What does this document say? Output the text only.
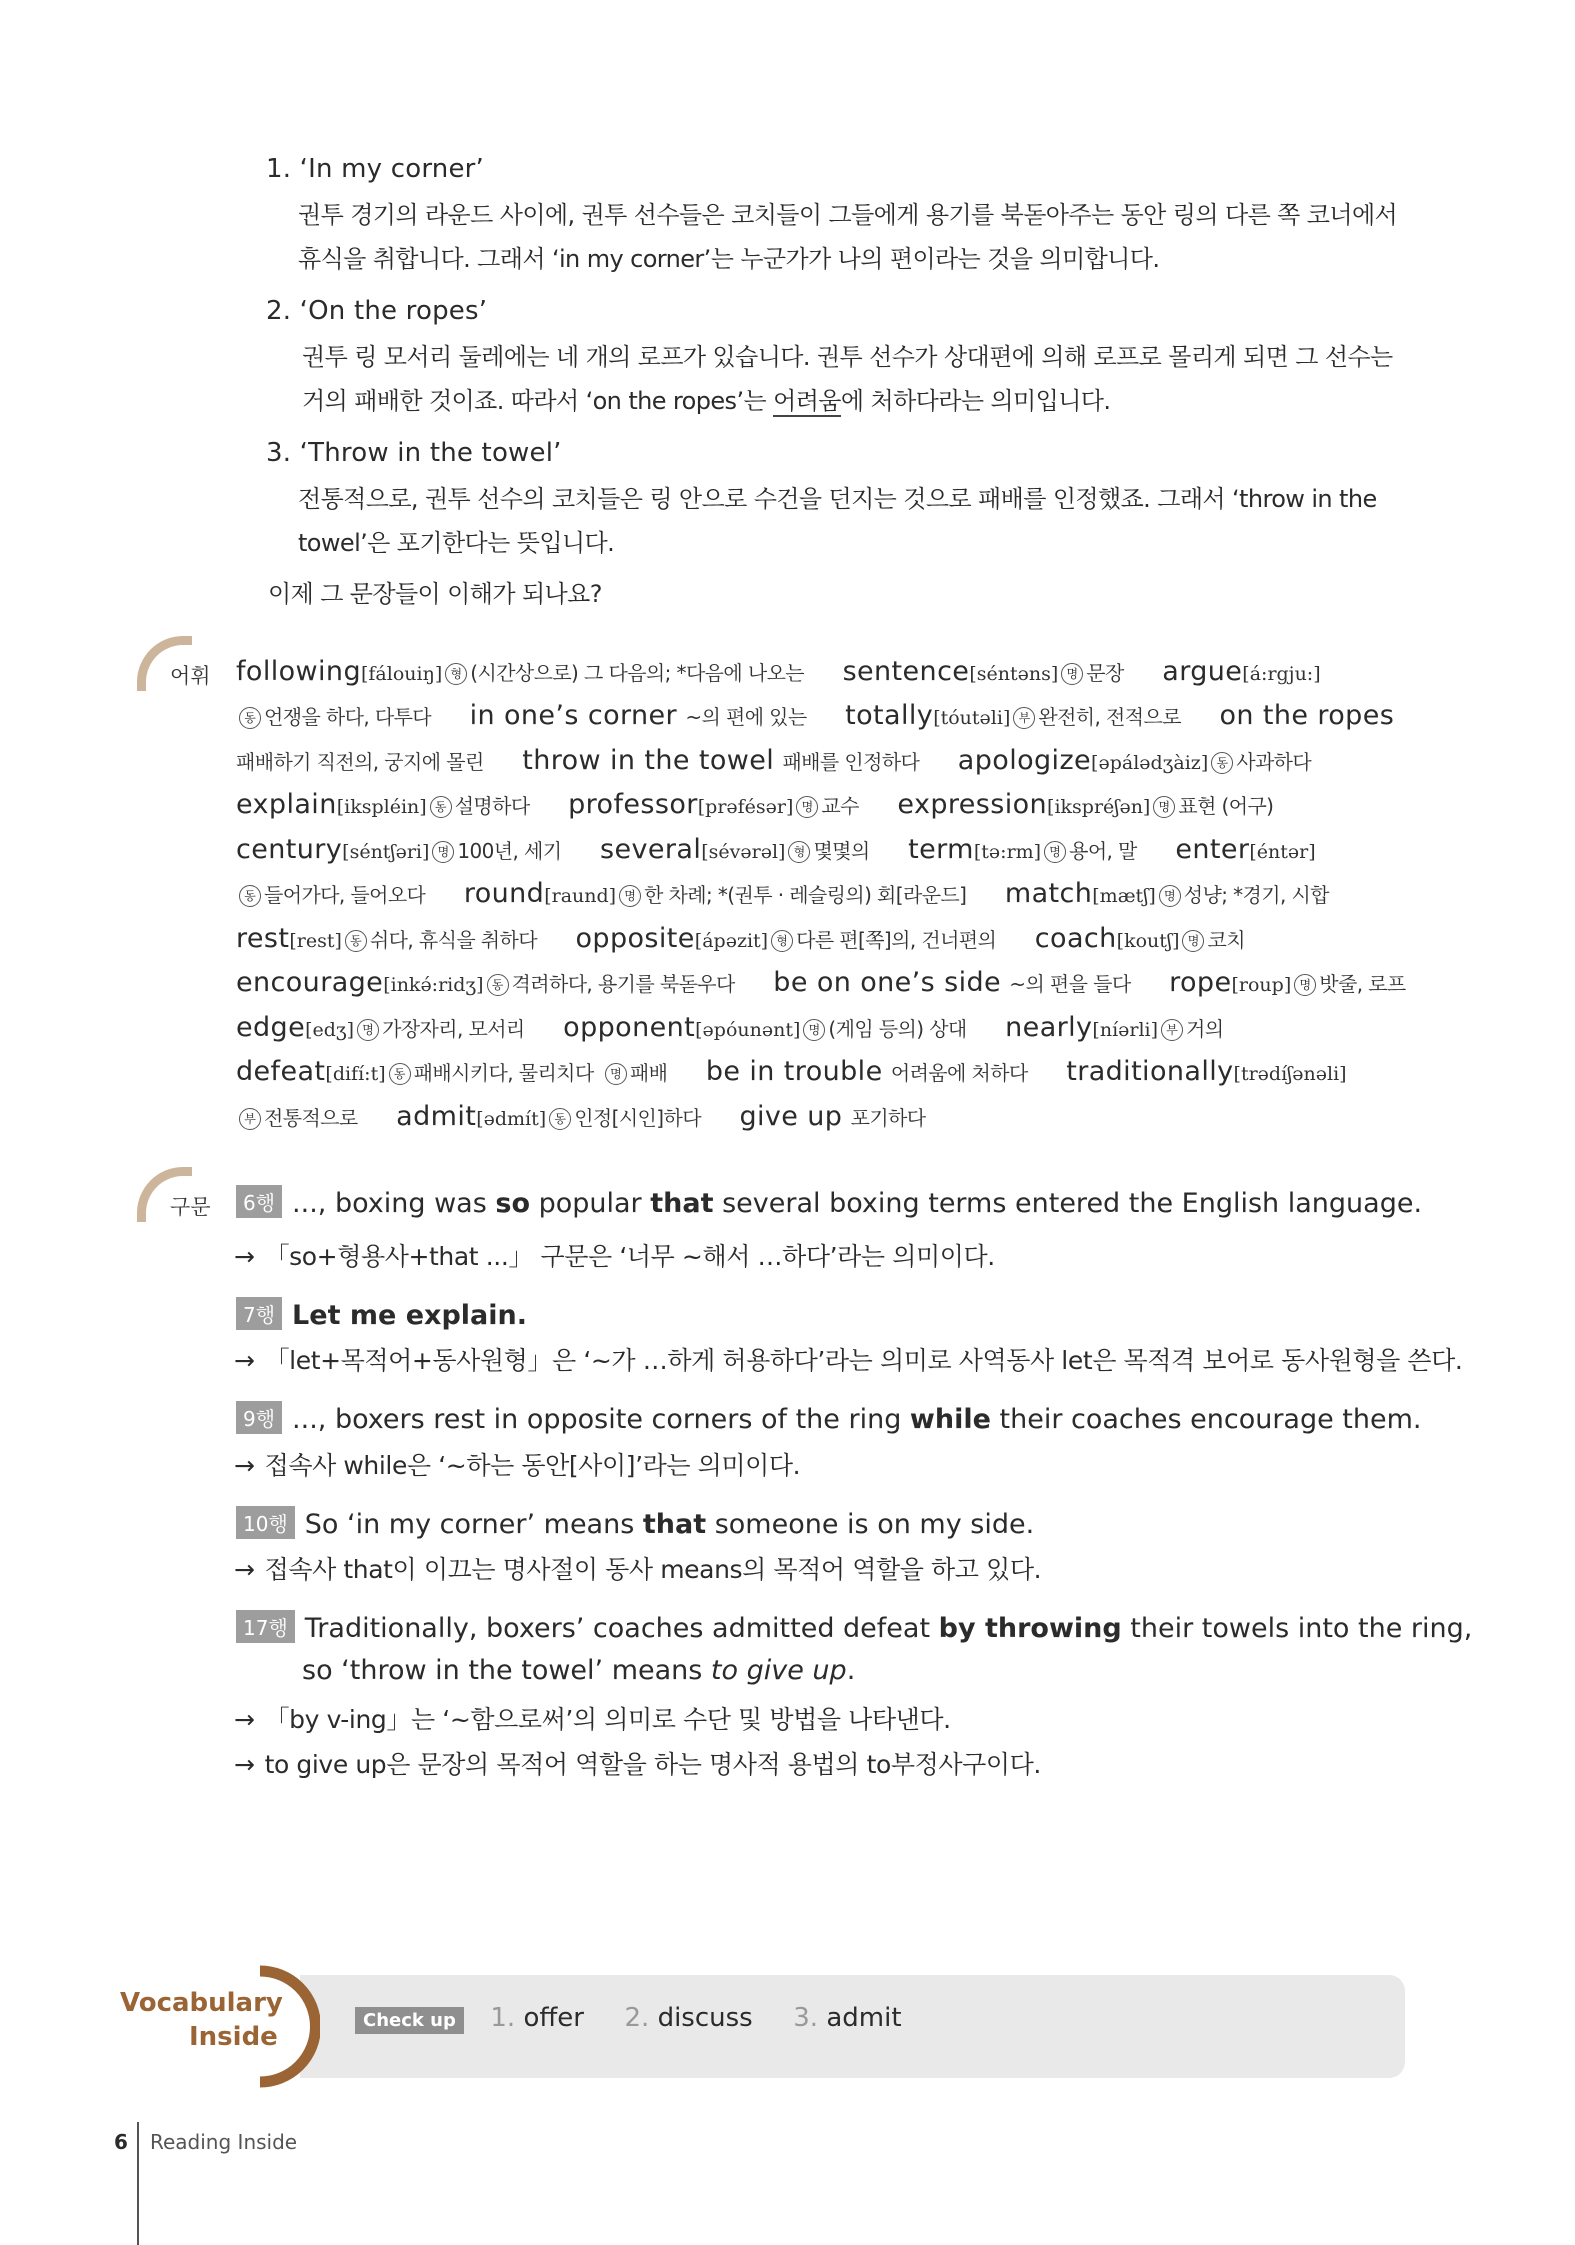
1. ‘In my corner’
권투 경기의 라운드 사이에, 권투 선수들은 코치들이 그들에게 용기를 북돋아주는 동안 링의 다른 쪽 코너에서
휴식을 취합니다. 그래서 ‘in my corner’는 누군가가 나의 편이라는 것을 의미합니다.
2. ‘On the ropes’
권투 링 모서리 둘레에는 네 개의 로프가 있습니다. 권투 선수가 상대편에 의해 로프로 몰리게 되면 그 선수는
거의 패배한 것이죠. 따라서 ‘on the ropes’는 어려움에 처하다라는 의미입니다.
3. ‘Throw in the towel’
전통적으로, 권투 선수의 코치들은 링 안으로 수건을 던지는 것으로 패배를 인정했죠. 그래서 ‘throw in the
towel’은 포기한다는 뜻입니다.
이제 그 문장들이 이해가 되나요?
어휘 following[fálouiŋ] 형 (시간상으로) 그 다음의; *다음에 나오는 sentence[séntəns] 명 문장 argue[á:rgju:]
동 언쟁을 하다, 다투다 in one’s corner ~의 편에 있는 totally[tóutəli] 부 완전히, 전적으로 on the ropes
패배하기 직전의, 궁지에 몰린 throw in the towel 패배를 인정하다 apologize[əpálədʒàiz] 동 사과하다
explain[ikspléin] 동 설명하다 professor[prəfésər] 명 교수 expression[ikspréʃən] 명 표현 (어구)
century[séntʃəri] 명 100년, 세기 several[sévərəl] 형 몇몇의 term[tə:rm] 명 용어, 말 enter[éntər]
동 들어가다, 들어오다 round[raund] 명 한 차례; *(권투 · 레슬링의) 회[라운드] match[mætʃ] 명 성냥; *경기, 시합
rest[rest] 동 쉬다, 휴식을 취하다 opposite[ápəzit] 형 다른 편[쪽]의, 건너편의 coach[koutʃ] 명 코치
encourage[inkə́:ridʒ] 동 격려하다, 용기를 북돋우다 be on one’s side ~의 편을 들다 rope[roup] 명 밧줄, 로프
edge[edʒ] 명 가장자리, 모서리 opponent[əpóunənt] 명 (게임 등의) 상대 nearly[níərli] 부 거의
defeat[difí:t] 동 패배시키다, 물리치다 명 패배 be in trouble 어려움에 처하다 traditionally[trədíʃənəli]
부 전통적으로 admit[ədmít] 동 인정[시인]하다 give up 포기하다
구문	6행 ..., boxing was so popular that several boxing terms entered the English language.
→ 「so+형용사+that ...」 구문은 ‘너무 ~해서 …하다’라는 의미이다.
7행 Let me explain.
→ 「let+목적어+동사원형」은 ‘~가 …하게 허용하다’라는 의미로 사역동사 let은 목적격 보어로 동사원형을 쓴다.
9행 ..., boxers rest in opposite corners of the ring while their coaches encourage them.
→ 접속사 while은 ‘~하는 동안[사이]’라는 의미이다.
10행 So ‘in my corner’ means that someone is on my side.
→ 접속사 that이 이끄는 명사절이 동사 means의 목적어 역할을 하고 있다.
17행 Traditionally, boxers’ coaches admitted defeat by throwing their towels into the ring,
so ‘throw in the towel’ means to give up.
→ 「by v-ing」는 ‘~함으로써’의 의미로 수단 및 방법을 나타낸다.
→ to give up은 문장의 목적어 역할을 하는 명사적 용법의 to부정사구이다.
Vocabulary
Inside
Check up 1. offer 2. discuss 3. admit
6 Reading Inside
